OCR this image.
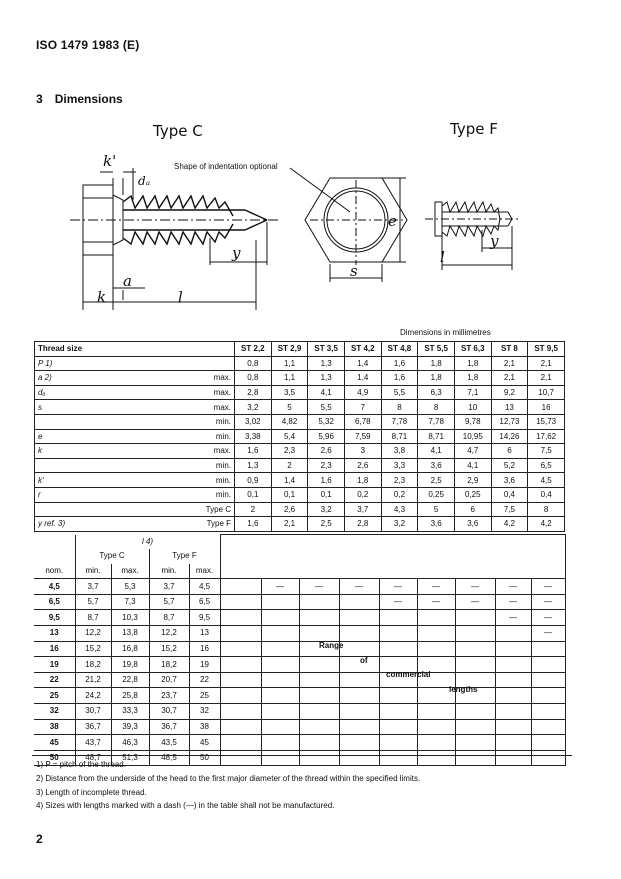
ISO 1479 1983 (E)
3 Dimensions
Type C	Type F
Shape of indentation optional
k'
dₐ
y
a
k	l
s
e
y
l
Dimensions in millimetres
Thread size		ST 2,2	ST 2,9	ST 3,5	ST 4,2	ST 4,8	ST 5,5	ST 6,3	ST 8	ST 9,5
P 1)		0,8	1,1	1,3	1,4	1,6	1,8	1,8	2,1	2,1
a 2)	max.	0,8	1,1	1,3	1,4	1,6	1,8	1,8	2,1	2,1
dₐ	max.	2,8	3,5	4,1	4,9	5,5	6,3	7,1	9,2	10,7
s	max.	3,2	5	5,5	7	8	8	10	13	16
	min.	3,02	4,82	5,32	6,78	7,78	7,78	9,78	12,73	15,73
e	min.	3,38	5,4	5,96	7,59	8,71	8,71	10,95	14,26	17,62
k	max.	1,6	2,3	2,6	3	3,8	4,1	4,7	6	7,5
	min.	1,3	2	2,3	2,6	3,3	3,6	4,1	5,2	6,5
k'	min.	0,9	1,4	1,6	1,8	2,3	2,5	2,9	3,6	4,5
r	min.	0,1	0,1	0,1	0,2	0,2	0,25	0,25	0,4	0,4
	Type C	2	2,6	3,2	3,7	4,3	5	6	7,5	8
y ref. 3)	Type F	1,6	2,1	2,5	2,8	3,2	3,6	3,6	4,2	4,2
	l 4)												
	Type C		Type F										
nom.	min.	max.	min.	max.									
4,5	3,7	5,3	3,7	4,5		—	—	—	—	—	—	—	—
6,5	5,7	7,3	5,7	6,5					—	—	—	—	—
9,5	8,7	10,3	8,7	9,5								—	—
13	12,2	13,8	12,2	13									—
16	15,2	16,8	15,2	16									
19	18,2	19,8	18,2	19									
22	21,2	22,8	20,7	22									
25	24,2	25,8	23,7	25									
32	30,7	33,3	30,7	32									
38	36,7	39,3	36,7	38									
45	43,7	46,3	43,5	45									
50	48,7	51,3	48,5	50									
Range
of
commercial
lengths
1) P = pitch of the thread.
2) Distance from the underside of the head to the first major diameter of the thread within the specified limits.
3) Length of incomplete thread.
4) Sizes with lengths marked with a dash (—) in the table shall not be manufactured.
2
